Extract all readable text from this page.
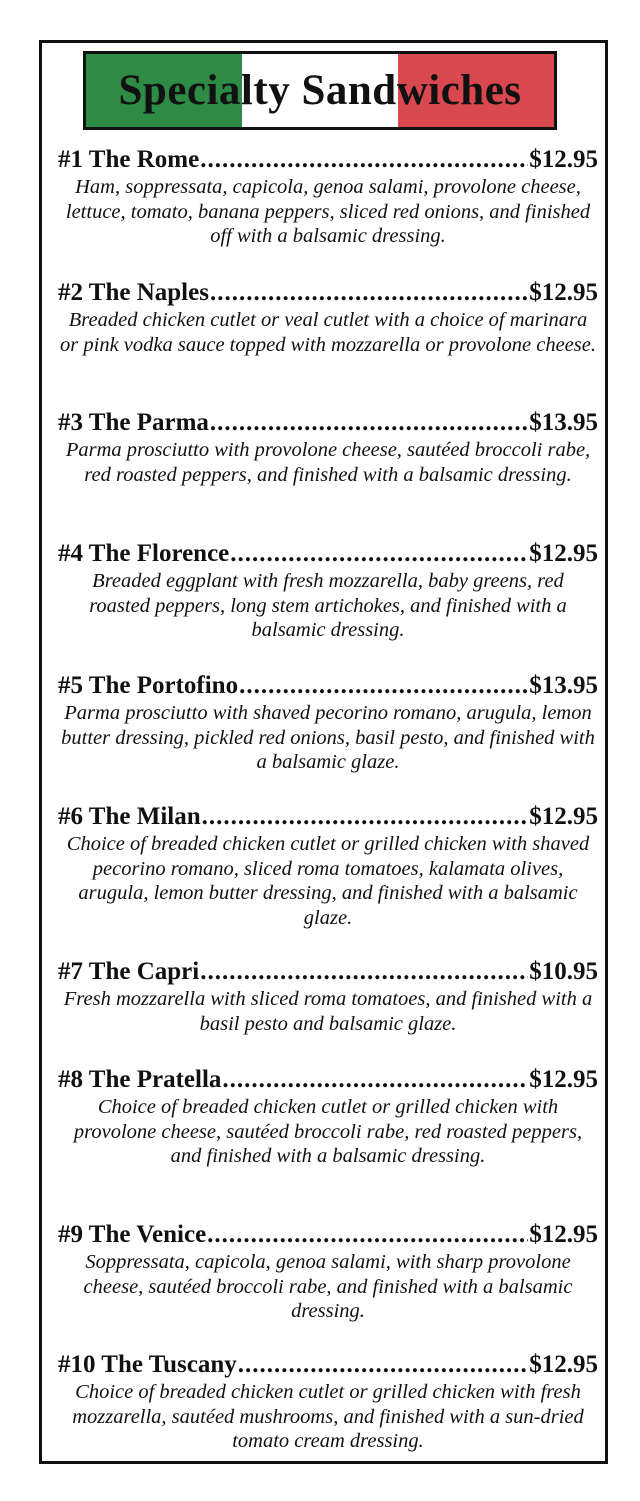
Specialty Sandwiches
#1 The Rome .....	$12.95

Ham, soppressata, capicola, genoa salami, provolone cheese, lettuce, tomato, banana peppers, sliced red onions, and finished off with a balsamic dressing.

#2 The Naples .....	$12.95

Breaded chicken cutlet or veal cutlet with a choice of marinara or pink vodka sauce topped with mozzarella or provolone cheese.

#3 The Parma .....	$13.95

Parma prosciutto with provolone cheese, sautéed broccoli rabe, red roasted peppers, and finished with a balsamic dressing.

#4 The Florence .....	$12.95

Breaded eggplant with fresh mozzarella, baby greens, red roasted peppers, long stem artichokes, and finished with a balsamic dressing.

#5 The Portofino .....	$13.95

Parma prosciutto with shaved pecorino romano, arugula, lemon butter dressing, pickled red onions, basil pesto, and finished with a balsamic glaze.

#6 The Milan .....	$12.95

Choice of breaded chicken cutlet or grilled chicken with shaved pecorino romano, sliced roma tomatoes, kalamata olives, arugula, lemon butter dressing, and finished with a balsamic glaze.

#7 The Capri .....	$10.95

Fresh mozzarella with sliced roma tomatoes, and finished with a basil pesto and balsamic glaze.

#8 The Pratella .....	$12.95

Choice of breaded chicken cutlet or grilled chicken with provolone cheese, sautéed broccoli rabe, red roasted peppers, and finished with a balsamic dressing.

#9 The Venice .....	$12.95

Soppressata, capicola, genoa salami, with sharp provolone cheese, sautéed broccoli rabe, and finished with a balsamic dressing.

#10 The Tuscany .....	$12.95

Choice of breaded chicken cutlet or grilled chicken with fresh mozzarella, sautéed mushrooms, and finished with a sun-dried tomato cream dressing.
